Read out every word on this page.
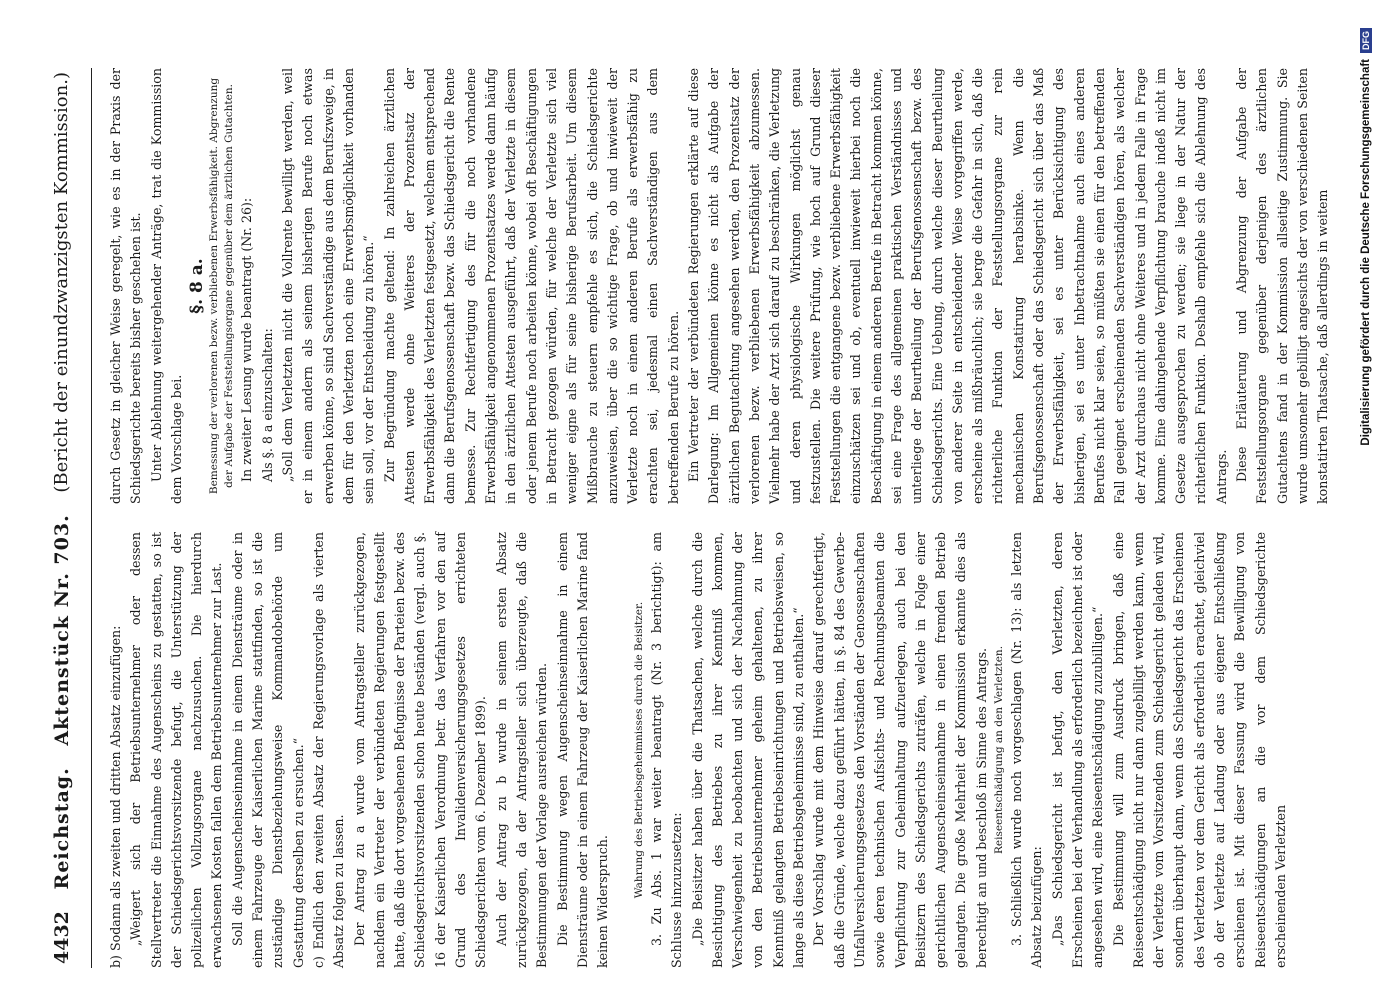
4432
Reichstag.
Aktenstück Nr. 703.
(Bericht der einundzwanzigsten Kommission.)

b) Sodann als zweiten und dritten Absatz einzufügen: „Weigert sich der Betriebsunternehmer oder dessen Stellvertreter die Einnahme des Augenscheins zu gestatten, so ist der Schiedsgerichtsvorsitzende befugt, die Unterstützung der polizeilichen Vollzugsorgane nachzusuchen. Die hierdurch erwachsenen Kosten fallen dem Betriebsunternehmer zur Last. Soll die Augenscheinseinnahme in einem Diensträume oder in einem Fahrzeuge der Kaiserlichen Marine stattfinden, so ist die zuständige Dienstbeziehungsweise Kommandobehörde um Gestattung derselben zu ersuchen.“ c) Endlich den zweiten Absatz der Regierungsvorlage als vierten Absatz folgen zu lassen. Der Antrag zu a wurde vom Antragsteller zurückgezogen, nachdem ein Vertreter der verbündeten Regierungen festgestellt hatte, daß die dort vorgesehenen Befugnisse der Parteien bezw. des Schiedsgerichtsvorsitzenden schon heute beständen (vergl. auch §. 16 der Kaiserlichen Verordnung betr. das Verfahren vor den auf Grund des Invalidenversicherungsgesetzes errichteten Schiedsgerichten vom 6. Dezember 1899). Auch der Antrag zu b wurde in seinem ersten Absatz zurückgezogen, da der Antragsteller sich überzeugte, daß die Bestimmungen der Vorlage ausreichen würden. Die Bestimmung wegen Augenscheinseinnahme in einem Diensträume oder in einem Fahrzeug der Kaiserlichen Marine fand keinen Widerspruch.

Wahrung des Betriebsgeheimnisses durch die Beisitzer. 3. Zu Abs. 1 war weiter beantragt (Nr. 3 berichtigt): am Schlusse hinzuzusetzen: „Die Beisitzer haben über die Thatsachen, welche durch die Besichtigung des Betriebes zu ihrer Kenntniß kommen, Verschwiegenheit zu beobachten und sich der Nachahmung der von den Betriebsunternehmer geheim gehaltenen, zu ihrer Kenntniß gelangten Betriebseinrichtungen und Betriebsweisen, so lange als diese Betriebsgeheimnisse sind, zu enthalten.“ Der Vorschlag wurde mit dem Hinweise darauf gerechtfertigt, daß die Gründe, welche dazu geführt hätten, in §. 84 des Gewerbe-Unfallversicherungsgesetzes den Vorständen der Genossenschaften sowie deren technischen Aufsichts- und Rechnungsbeamten die Verpflichtung zur Geheimhaltung aufzuerlegen, auch bei den Beisitzern des Schiedsgerichts zuträfen, welche in Folge einer gerichtlichen Augenscheinseinnahme in einen fremden Betrieb gelangten. Die große Mehrheit der Kommission erkannte dies als berechtigt an und beschloß im Sinne des Antrags. Reiseentschädigung an den Verletzten. 3. Schließlich wurde noch vorgeschlagen (Nr. 13): als letzten Absatz beizufügen: „Das Schiedsgericht ist befugt, den Verletzten, deren Erscheinen bei der Verhandlung als erforderlich bezeichnet ist oder angesehen wird, eine Reiseentschädigung zuzubilligen.“ Die Bestimmung will zum Ausdruck bringen, daß eine Reiseentschädigung nicht nur dann zugebilligt werden kann, wenn der Verletzte vom Vorsitzenden zum Schiedsgericht geladen wird, sondern überhaupt dann, wenn das Schiedsgericht das Erscheinen des Verletzten vor dem Gericht als erforderlich erachtet, gleichviel ob der Verletzte auf Ladung oder aus eigener Entschließung erschienen ist. Mit dieser Fassung wird die Bewilligung von Reiseentschädigungen an die vor dem Schiedsgerichte erscheinenden Verletzten

durch Gesetz in gleicher Weise geregelt, wie es in der Praxis der Schiedsgerichte bereits bisher geschehen ist. Unter Ablehnung weitergehender Anträge, trat die Kommission dem Vorschlage bei.

§. 8 a. Bemessung der verlorenen bezw. verbliebenen Erwerbsfähigkeit. Abgrenzung der Aufgabe der Feststellungsorgane gegenüber dem ärztlichen Gutachten. In zweiter Lesung wurde beantragt (Nr. 26): Als §. 8 a einzuschalten: „Soll dem Verletzten nicht die Vollrente bewilligt werden, weil er in einem andern als seinem bisherigen Berufe noch etwas erwerben könne, so sind Sachverständige aus dem Berufszweige, in dem für den Verletzten noch eine Erwerbsmöglichkeit vorhanden sein soll, vor der Entscheidung zu hören.“ Zur Begründung machte geltend: In zahlreichen ärztlichen Attesten werde ohne Weiteres der Prozentsatz der Erwerbsfähigkeit des Verletzten festgesetzt, welchem entsprechend dann die Berufsgenossenschaft bezw. das Schiedsgericht die Rente bemesse. Zur Rechtfertigung des für die noch vorhandene Erwerbsfähigkeit angenommenen Prozentsatzes werde dann häufig in den ärztlichen Attesten ausgeführt, daß der Verletzte in diesem oder jenem Berufe noch arbeiten könne, wobei oft Beschäftigungen in Betracht gezogen würden, für welche der Verletzte sich viel weniger eigne als für seine bisherige Berufsarbeit. Um diesem Mißbrauche zu steuern empfehle es sich, die Schiedsgerichte anzuweisen, über die so wichtige Frage, ob und inwieweit der Verletzte noch in einem anderen Berufe als erwerbsfähig zu erachten sei, jedesmal einen Sachverständigen aus dem betreffenden Berufe zu hören. Ein Vertreter der verbündeten Regierungen erklärte auf diese Darlegung: Im Allgemeinen könne es nicht als Aufgabe der ärztlichen Begutachtung angesehen werden, den Prozentsatz der verlorenen bezw. verbliebenen Erwerbsfähigkeit abzumessen. Vielmehr habe der Arzt sich darauf zu beschränken, die Verletzung und deren physiologische Wirkungen möglichst genau festzustellen. Die weitere Prüfung, wie hoch auf Grund dieser Feststellungen die entgangene bezw. verbliebene Erwerbsfähigkeit einzuschätzen sei und ob, eventuell inwieweit hierbei noch die Beschäftigung in einem anderen Berufe in Betracht kommen könne, sei eine Frage des allgemeinen praktischen Verständnisses und unterliege der Beurtheilung der Berufsgenossenschaft bezw. des Schiedsgerichts. Eine Uebung, durch welche dieser Beurtheilung von anderer Seite in entscheidender Weise vorgegriffen werde, erscheine als mißbräuchlich; sie berge die Gefahr in sich, daß die richterliche Funktion der Feststellungsorgane zur rein mechanischen Konstatirung herabsinke. Wenn die Berufsgenossenschaft oder das Schiedsgericht sich über das Maß der Erwerbsfähigkeit, sei es unter Berücksichtigung des bisherigen, sei es unter Inbetrachtnahme auch eines anderen Berufes nicht klar seien, so müßten sie einen für den betreffenden Fall geeignet erscheinenden Sachverständigen hören, als welcher der Arzt durchaus nicht ohne Weiteres und in jedem Falle in Frage komme. Eine dahingehende Verpflichtung brauche indeß nicht im Gesetze ausgesprochen zu werden; sie liege in der Natur der richterlichen Funktion. Deshalb empfehle sich die Ablehnung des Antrags. Diese Erläuterung und Abgrenzung der Aufgabe der Feststellungsorgane gegenüber derjenigen des ärztlichen Gutachtens fand in der Kommission allseitige Zustimmung. Sie wurde umsomehr gebilligt angesichts der von verschiedenen Seiten konstatirten Thatsache, daß allerdings in weitem	Digitalisierung gefördert durch die Deutsche Forschungsgemeinschaft
DFG
